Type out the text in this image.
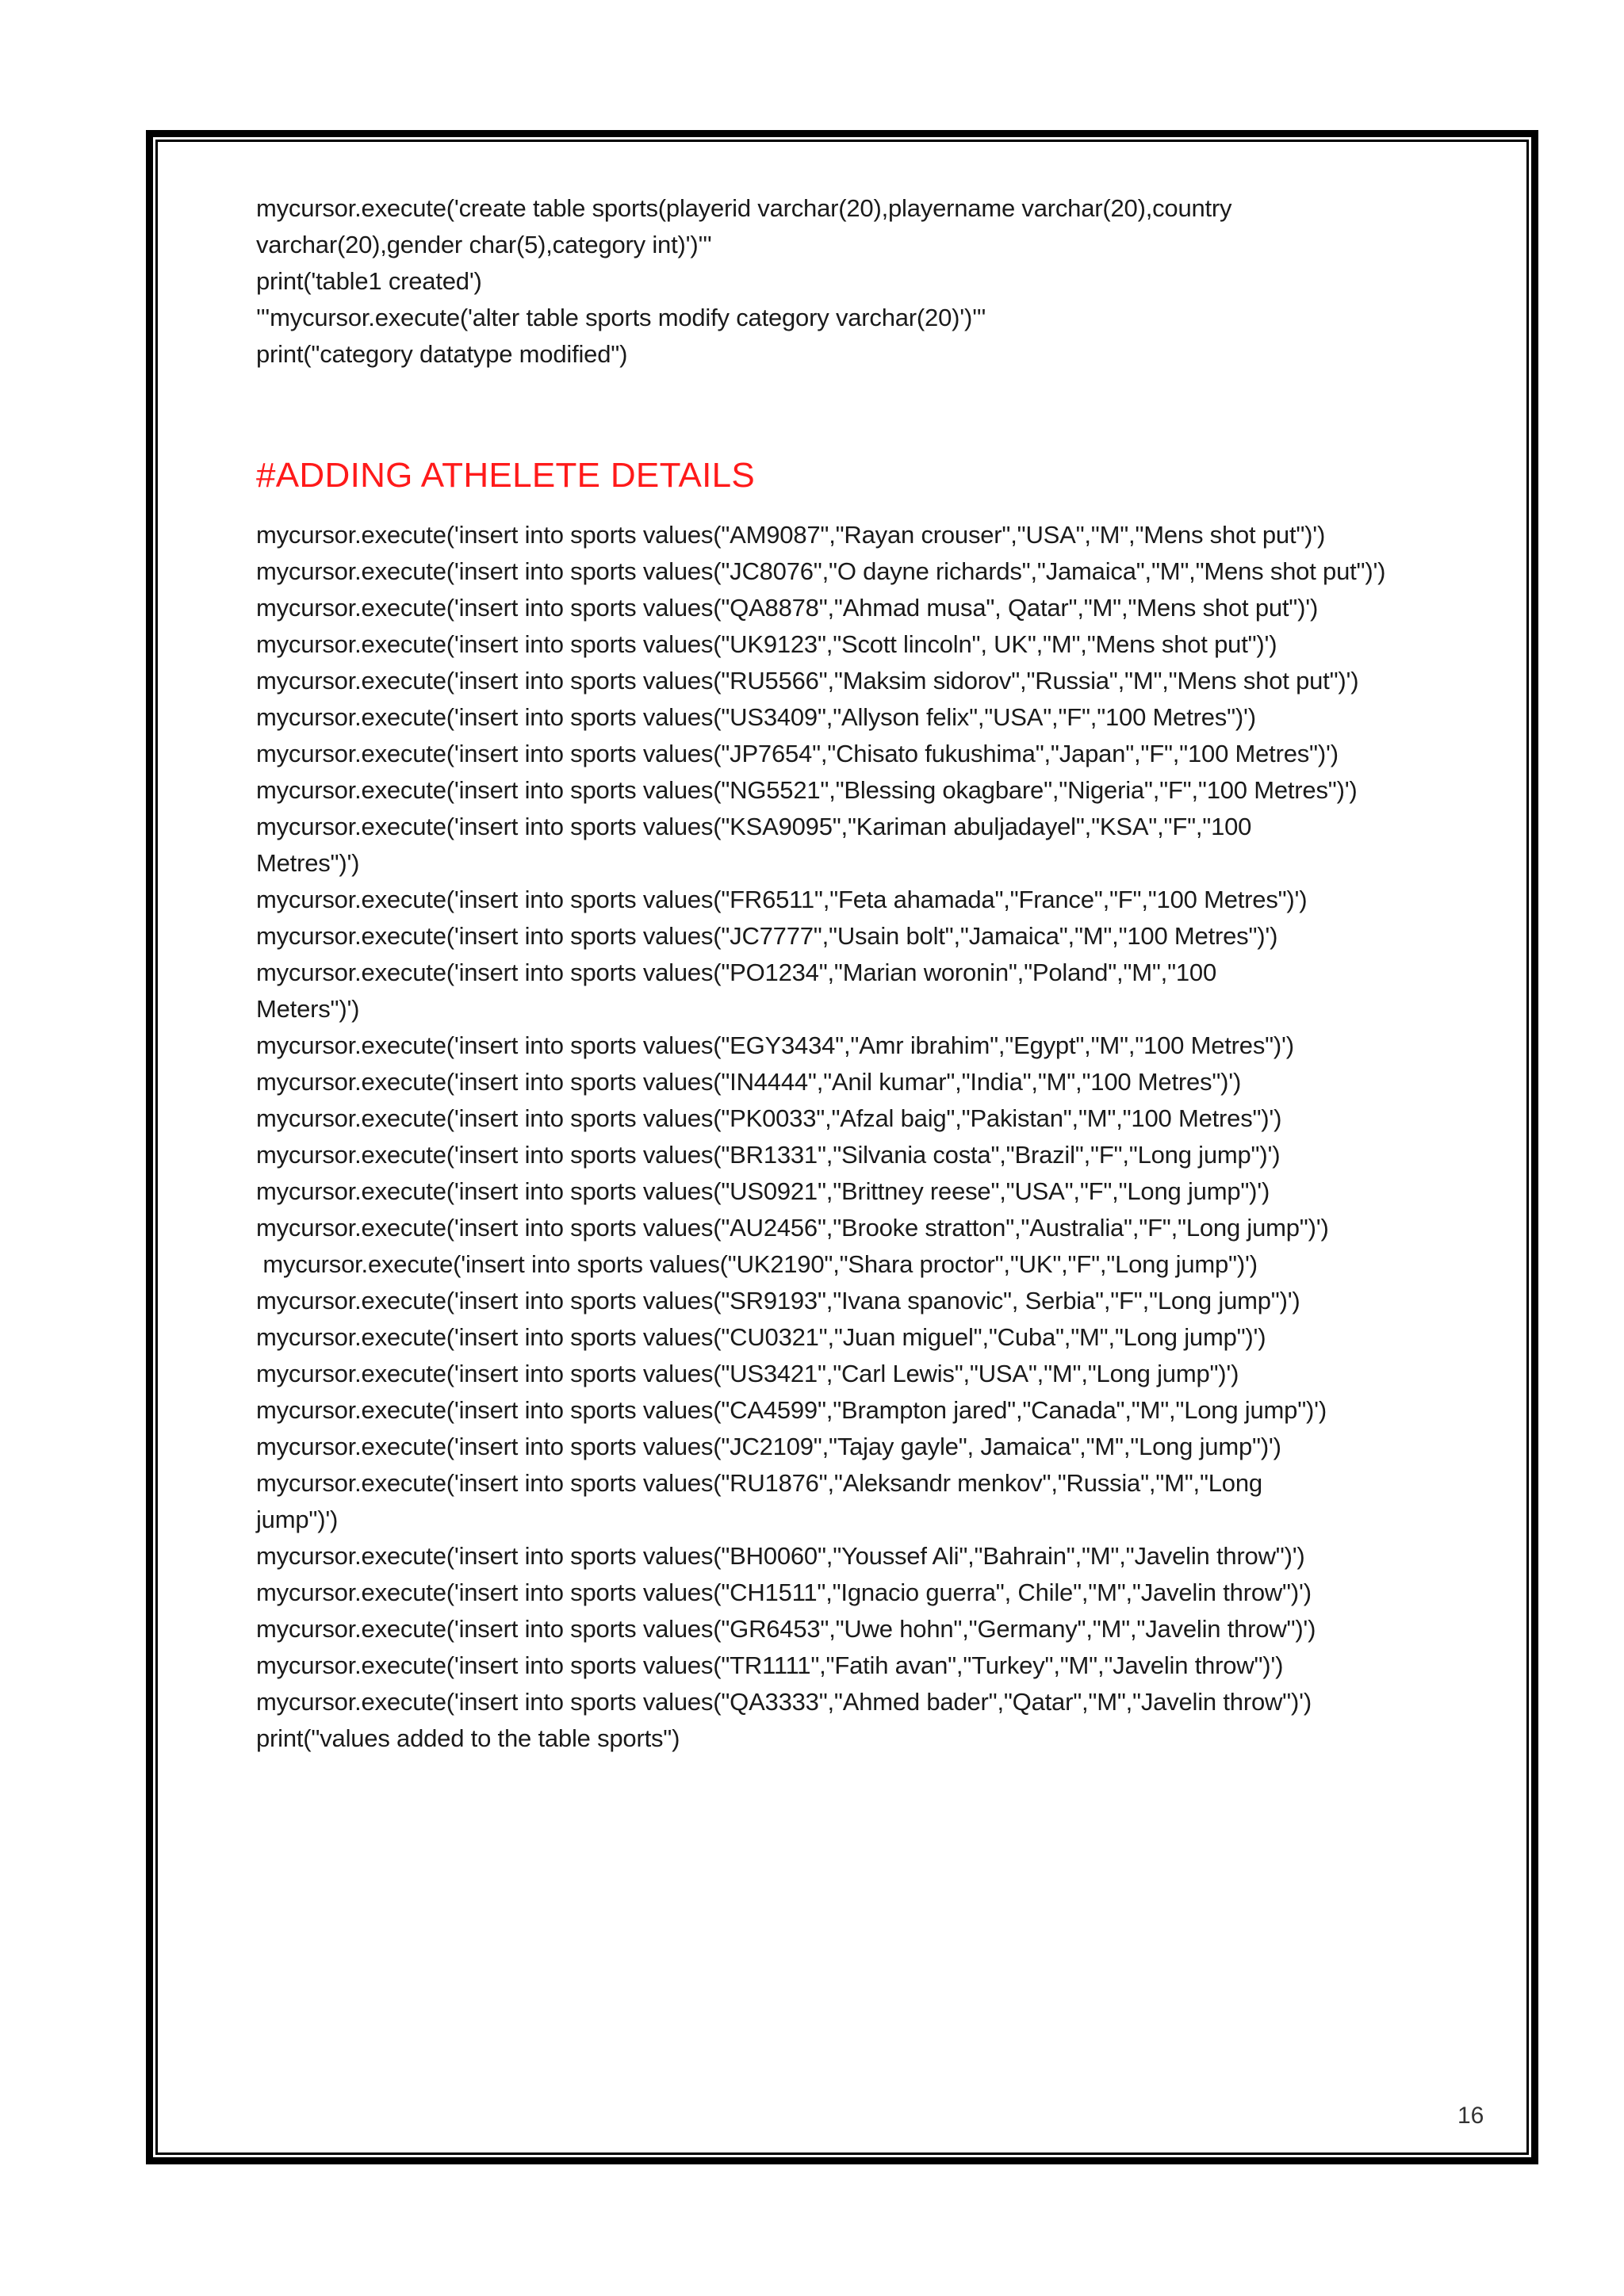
mycursor.execute('create table sports(playerid varchar(20),playername varchar(20),country
varchar(20),gender char(5),category int)')'''
print('table1 created')
'''mycursor.execute('alter table sports modify category varchar(20)')'''
print("category datatype modified")
#ADDING ATHELETE DETAILS
mycursor.execute('insert into sports values("AM9087","Rayan crouser","USA","M","Mens shot put")')
mycursor.execute('insert into sports values("JC8076","O dayne richards","Jamaica","M","Mens shot put")')
mycursor.execute('insert into sports values("QA8878","Ahmad musa", Qatar","M","Mens shot put")')
mycursor.execute('insert into sports values("UK9123","Scott lincoln", UK","M","Mens shot put")')
mycursor.execute('insert into sports values("RU5566","Maksim sidorov","Russia","M","Mens shot put")')
mycursor.execute('insert into sports values("US3409","Allyson felix","USA","F","100 Metres")')
mycursor.execute('insert into sports values("JP7654","Chisato fukushima","Japan","F","100 Metres")')
mycursor.execute('insert into sports values("NG5521","Blessing okagbare","Nigeria","F","100 Metres")')
mycursor.execute('insert into sports values("KSA9095","Kariman abuljadayel","KSA","F","100
Metres")')
mycursor.execute('insert into sports values("FR6511","Feta ahamada","France","F","100 Metres")')
mycursor.execute('insert into sports values("JC7777","Usain bolt","Jamaica","M","100 Metres")')
mycursor.execute('insert into sports values("PO1234","Marian woronin","Poland","M","100
Meters")')
mycursor.execute('insert into sports values("EGY3434","Amr ibrahim","Egypt","M","100 Metres")')
mycursor.execute('insert into sports values("IN4444","Anil kumar","India","M","100 Metres")')
mycursor.execute('insert into sports values("PK0033","Afzal baig","Pakistan","M","100 Metres")')
mycursor.execute('insert into sports values("BR1331","Silvania costa","Brazil","F","Long jump")')
mycursor.execute('insert into sports values("US0921","Brittney reese","USA","F","Long jump")')
mycursor.execute('insert into sports values("AU2456","Brooke stratton","Australia","F","Long jump")')
mycursor.execute('insert into sports values("UK2190","Shara proctor","UK","F","Long jump")')
mycursor.execute('insert into sports values("SR9193","Ivana spanovic", Serbia","F","Long jump")')
mycursor.execute('insert into sports values("CU0321","Juan miguel","Cuba","M","Long jump")')
mycursor.execute('insert into sports values("US3421","Carl Lewis","USA","M","Long jump")')
mycursor.execute('insert into sports values("CA4599","Brampton jared","Canada","M","Long jump")')
mycursor.execute('insert into sports values("JC2109","Tajay gayle", Jamaica","M","Long jump")')
mycursor.execute('insert into sports values("RU1876","Aleksandr menkov","Russia","M","Long
jump")')
mycursor.execute('insert into sports values("BH0060","Youssef Ali","Bahrain","M","Javelin throw")')
mycursor.execute('insert into sports values("CH1511","Ignacio guerra", Chile","M","Javelin throw")')
mycursor.execute('insert into sports values("GR6453","Uwe hohn","Germany","M","Javelin throw")')
mycursor.execute('insert into sports values("TR1111","Fatih avan","Turkey","M","Javelin throw")')
mycursor.execute('insert into sports values("QA3333","Ahmed bader","Qatar","M","Javelin throw")')
print("values added to the table sports")
16
